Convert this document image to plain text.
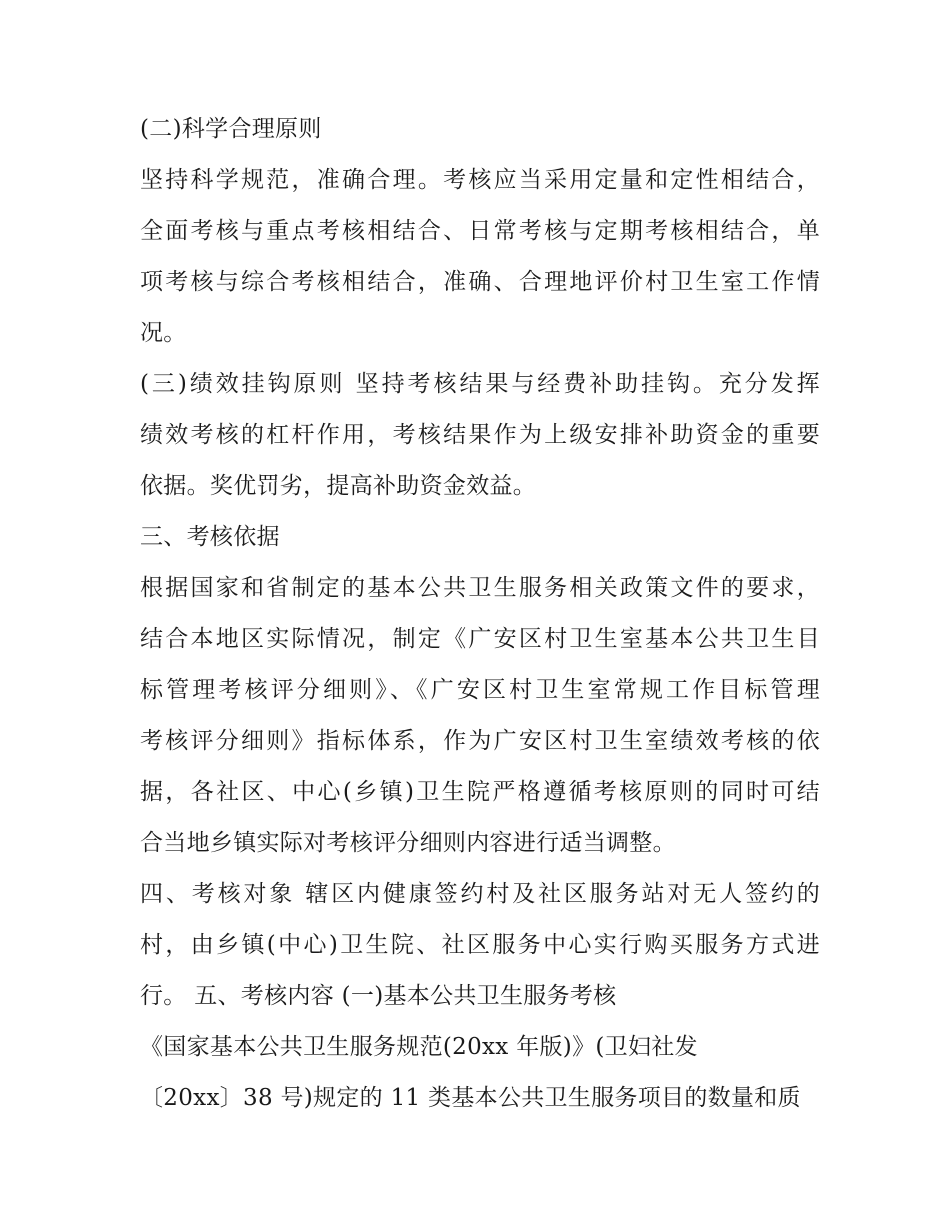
(二)科学合理原则
坚持科学规范，准确合理。考核应当采用定量和定性相结合，
全面考核与重点考核相结合、日常考核与定期考核相结合，单
项考核与综合考核相结合，准确、合理地评价村卫生室工作情
况。
(三)绩效挂钩原则 坚持考核结果与经费补助挂钩。充分发挥
绩效考核的杠杆作用，考核结果作为上级安排补助资金的重要
依据。奖优罚劣，提高补助资金效益。
三、考核依据
根据国家和省制定的基本公共卫生服务相关政策文件的要求，
结合本地区实际情况，制定《广安区村卫生室基本公共卫生目
标管理考核评分细则》、《广安区村卫生室常规工作目标管理
考核评分细则》指标体系，作为广安区村卫生室绩效考核的依
据，各社区、中心(乡镇)卫生院严格遵循考核原则的同时可结
合当地乡镇实际对考核评分细则内容进行适当调整。
四、考核对象 辖区内健康签约村及社区服务站对无人签约的
村，由乡镇(中心)卫生院、社区服务中心实行购买服务方式进
行。 五、考核内容 (一)基本公共卫生服务考核
《国家基本公共卫生服务规范(20xx 年版)》(卫妇社发
〔20xx〕38 号)规定的 11 类基本公共卫生服务项目的数量和质
